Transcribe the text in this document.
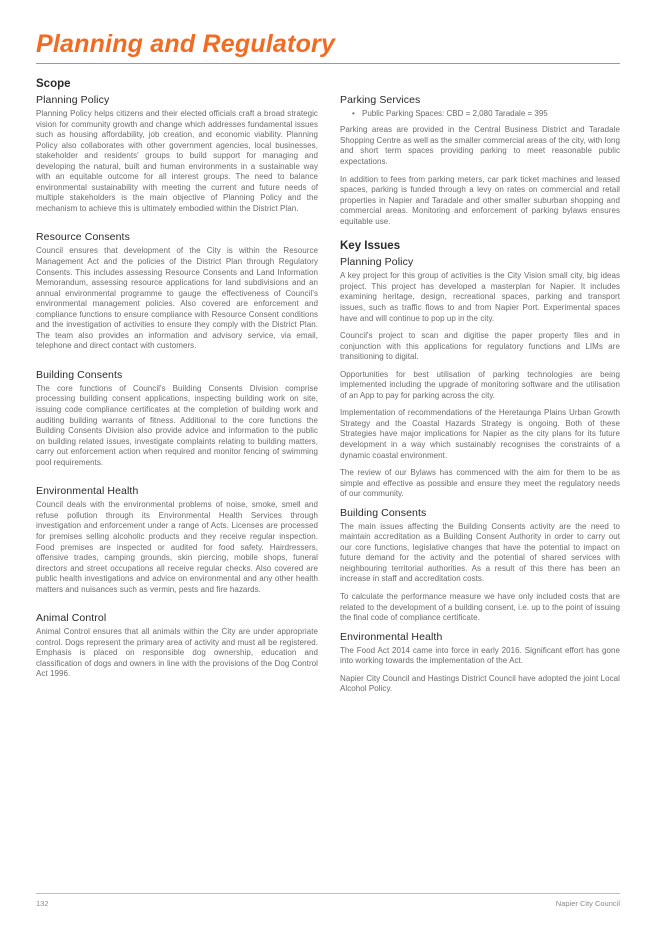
Planning and Regulatory
Scope
Planning Policy

Planning Policy helps citizens and their elected officials craft a broad strategic vision for community growth and change which addresses fundamental issues such as housing affordability, job creation, and economic viability. Planning Policy also collaborates with other government agencies, local businesses, stakeholder and residents' groups to build support for managing and developing the natural, built and human environments in a sustainable way with an equitable outcome for all interest groups. The need to balance environmental sustainability with meeting the current and future needs of multiple stakeholders is the main objective of Planning Policy and the mechanism to achieve this is ultimately embodied within the District Plan.

Resource Consents

Council ensures that development of the City is within the Resource Management Act and the policies of the District Plan through Regulatory Consents. This includes assessing Resource Consents and Land Information Memorandum, assessing resource applications for land subdivisions and an annual environmental programme to gauge the effectiveness of Council's environmental management policies. Also covered are enforcement and compliance functions to ensure compliance with Resource Consent conditions and the investigation of activities to ensure they comply with the District Plan. The team also provides an information and advisory service, via email, telephone and direct contact with customers.

Building Consents

The core functions of Council's Building Consents Division comprise processing building consent applications, inspecting building work on site, issuing code compliance certificates at the completion of building work and auditing building warrants of fitness. Additional to the core functions the Building Consents Division also provide advice and information to the public on building related issues, investigate complaints relating to building matters, carry out enforcement action when required and monitor fencing of swimming pool requirements.

Environmental Health

Council deals with the environmental problems of noise, smoke, smell and refuse pollution through its Environmental Health Services through investigation and enforcement under a range of Acts. Licenses are processed for premises selling alcoholic products and they receive regular inspection. Food premises are inspected or audited for food safety. Hairdressers, offensive trades, camping grounds, skin piercing, mobile shops, funeral directors and street occupations all receive regular checks. Also covered are public health investigations and advice on environmental and any other health matters and nuisances such as vermin, pests and fire hazards.

Animal Control

Animal Control ensures that all animals within the City are under appropriate control. Dogs represent the primary area of activity and must all be registered. Emphasis is placed on responsible dog ownership, education and classification of dogs and owners in line with the provisions of the Dog Control Act 1996.

Parking Services
• Public Parking Spaces: CBD = 2,080 Taradale = 395

Parking areas are provided in the Central Business District and Taradale Shopping Centre as well as the smaller commercial areas of the city, with long and short term spaces providing parking to meet reasonable public expectations.

In addition to fees from parking meters, car park ticket machines and leased spaces, parking is funded through a levy on rates on commercial and retail properties in Napier and Taradale and other smaller suburban shopping and commercial areas. Monitoring and enforcement of parking bylaws ensures equitable use.

Key Issues
Planning Policy

A key project for this group of activities is the City Vision small city, big ideas project. This project has developed a masterplan for Napier. It includes examining heritage, design, recreational spaces, parking and transport issues, such as traffic flows to and from Napier Port. Experimental spaces have and will continue to pop up in the city.

Council's project to scan and digitise the paper property files and in conjunction with this applications for regulatory functions and LIMs are transitioning to digital.

Opportunities for best utilisation of parking technologies are being implemented including the upgrade of monitoring software and the utilisation of an App to pay for parking across the city.

Implementation of recommendations of the Heretaunga Plains Urban Growth Strategy and the Coastal Hazards Strategy is ongoing. Both of these Strategies have major implications for Napier as the city plans for its future development in a way which sustainably recognises the constraints of a dynamic coastal environment.

The review of our Bylaws has commenced with the aim for them to be as simple and effective as possible and ensure they meet the regulatory needs of our community.

Building Consents

The main issues affecting the Building Consents activity are the need to maintain accreditation as a Building Consent Authority in order to carry out our core functions, legislative changes that have the potential to impact on future demand for the activity and the potential of shared services with neighbouring territorial authorities. As a result of this there has been an increase in staff and accreditation costs.

To calculate the performance measure we have only included costs that are related to the development of a building consent, i.e. up to the point of issuing the final code of compliance certificate.

Environmental Health

The Food Act 2014 came into force in early 2016. Significant effort has gone into working towards the implementation of the Act.

Napier City Council and Hastings District Council have adopted the joint Local Alcohol Policy.

132	Napier City Council
